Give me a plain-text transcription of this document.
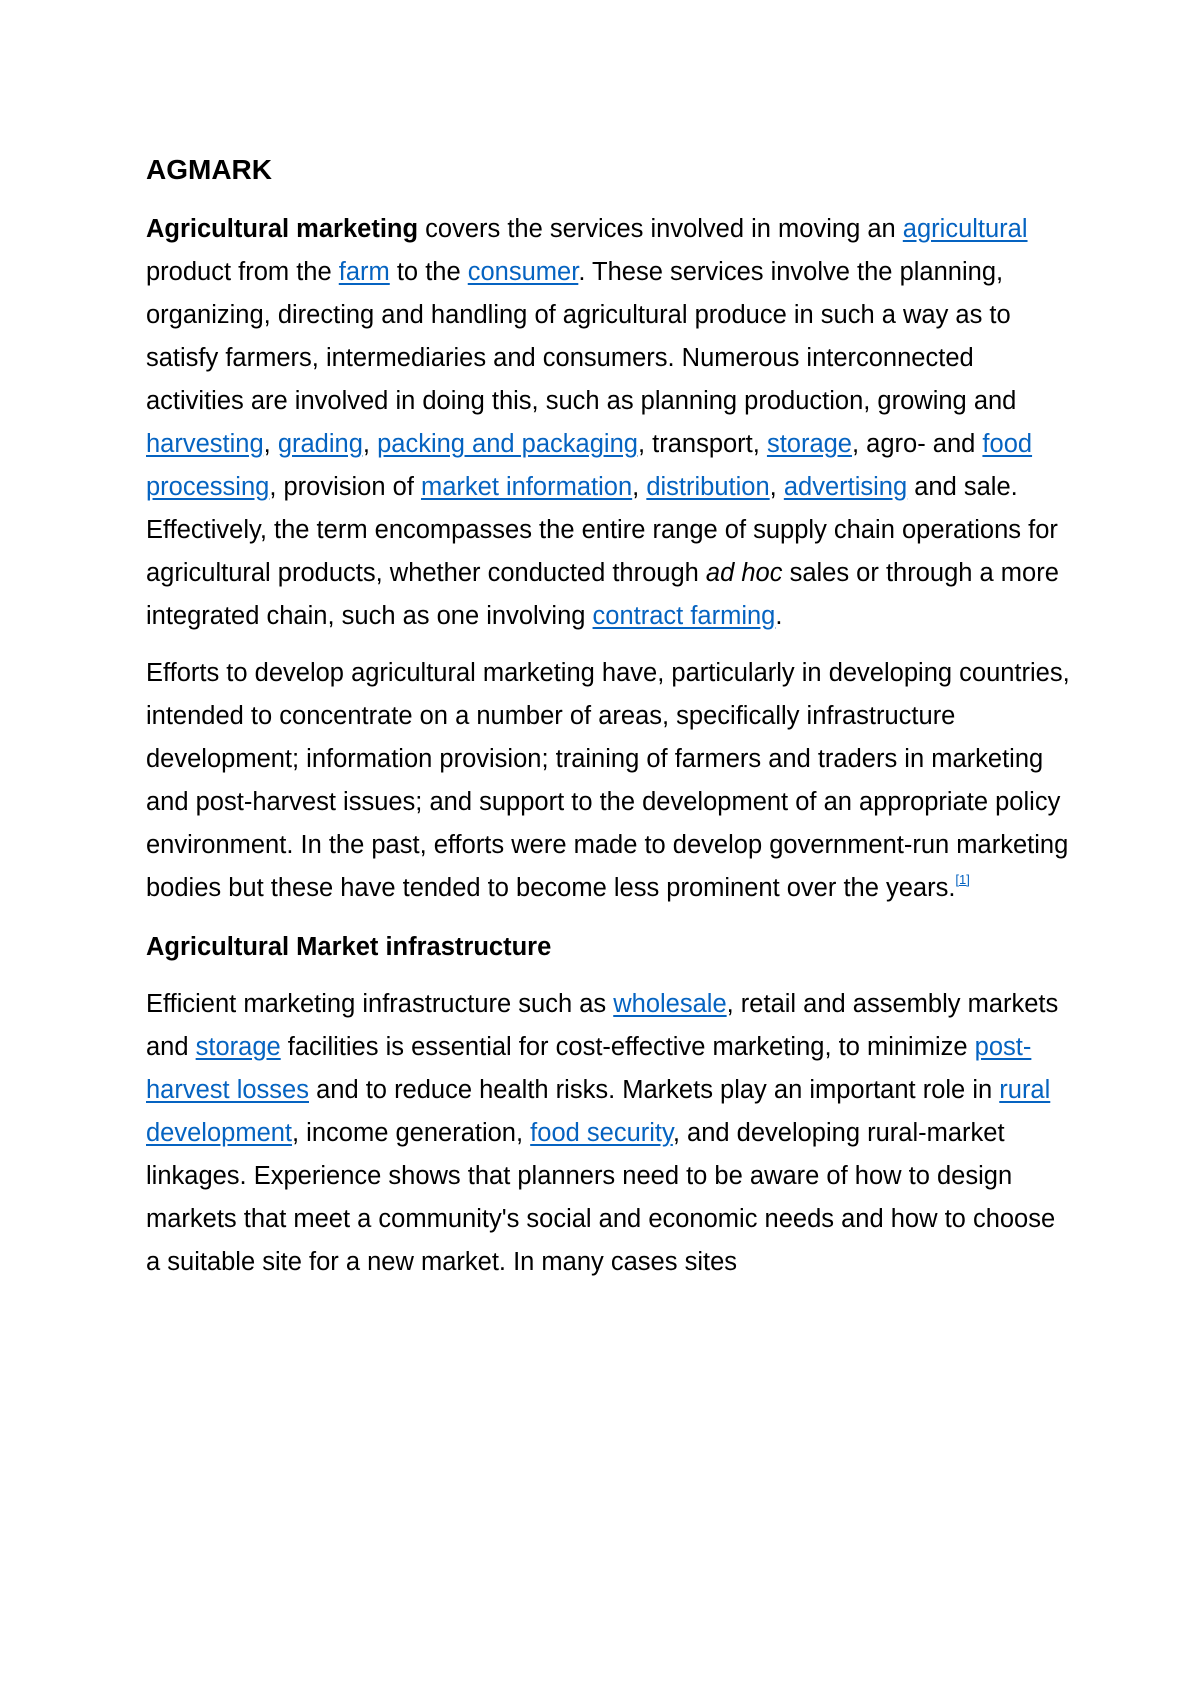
AGMARK

Agricultural marketing covers the services involved in moving an agricultural product from the farm to the consumer. These services involve the planning, organizing, directing and handling of agricultural produce in such a way as to satisfy farmers, intermediaries and consumers. Numerous interconnected activities are involved in doing this, such as planning production, growing and harvesting, grading, packing and packaging, transport, storage, agro- and food processing, provision of market information, distribution, advertising and sale. Effectively, the term encompasses the entire range of supply chain operations for agricultural products, whether conducted through ad hoc sales or through a more integrated chain, such as one involving contract farming.

Efforts to develop agricultural marketing have, particularly in developing countries, intended to concentrate on a number of areas, specifically infrastructure development; information provision; training of farmers and traders in marketing and post-harvest issues; and support to the development of an appropriate policy environment. In the past, efforts were made to develop government-run marketing bodies but these have tended to become less prominent over the years.[1]

Agricultural Market infrastructure

Efficient marketing infrastructure such as wholesale, retail and assembly markets and storage facilities is essential for cost-effective marketing, to minimize post-harvest losses and to reduce health risks. Markets play an important role in rural development, income generation, food security, and developing rural-market linkages. Experience shows that planners need to be aware of how to design markets that meet a community's social and economic needs and how to choose a suitable site for a new market. In many cases sites
